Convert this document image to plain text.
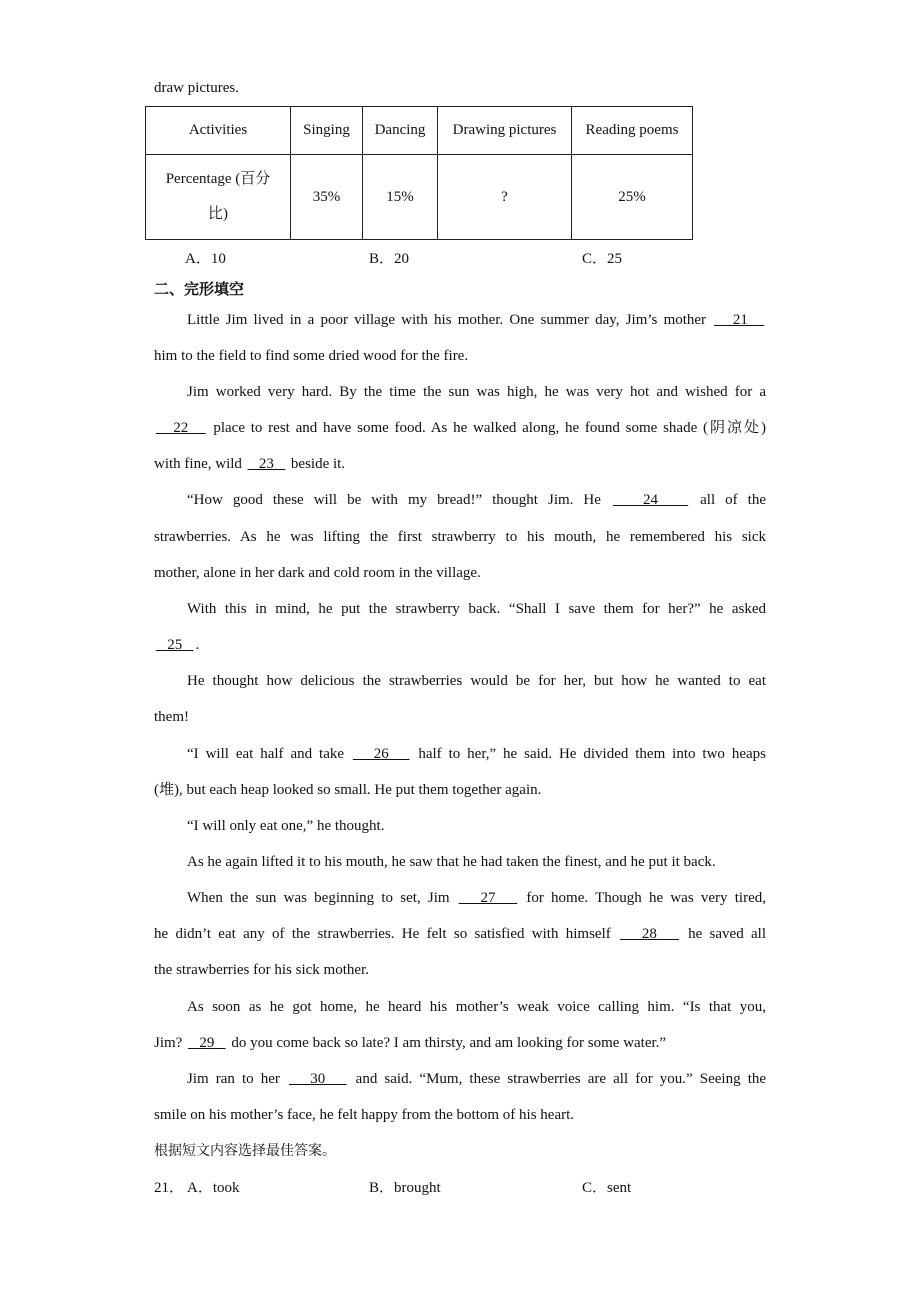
draw pictures.
Activities	Singing	Dancing	Drawing pictures	Reading poems
Percentage (百分比)	35%	15%	?	25%
A．10	B．20	C．25
二、完形填空
Little Jim lived in a poor village with his mother. One summer day, Jim’s mother    21
him to the field to find some dried wood for the fire.
Jim worked very hard. By the time the sun was high, he was very hot and wished for a
22    place to rest and have some food. As he walked along, he found some shade (阴凉处)
with fine, wild    23    beside it.
“How good these will be with my bread!” thought Jim. He    24    all of the
strawberries. As he was lifting the first strawberry to his mouth, he remembered his sick
mother, alone in her dark and cold room in the village.
With this in mind, he put the strawberry back. “Shall I save them for her?” he asked
25 .
He thought how delicious the strawberries would be for her, but how he wanted to eat
them!
“I will eat half and take    26    half to her,” he said. He divided them into two heaps
(堆), but each heap looked so small. He put them together again.
“I will only eat one,” he thought.
As he again lifted it to his mouth, he saw that he had taken the finest, and he put it back.
When the sun was beginning to set, Jim    27    for home. Though he was very tired,
he didn’t eat any of the strawberries. He felt so satisfied with himself    28    he saved all
the strawberries for his sick mother.
As soon as he got home, he heard his mother’s weak voice calling him. “Is that you,
Jim?    29    do you come back so late? I am thirsty, and am looking for some water.”
Jim ran to her    30    and said. “Mum, these strawberries are all for you.” Seeing the
smile on his mother’s face, he felt happy from the bottom of his heart.
根据短文内容选择最佳答案。
21． A．took	B．brought	C．sent
